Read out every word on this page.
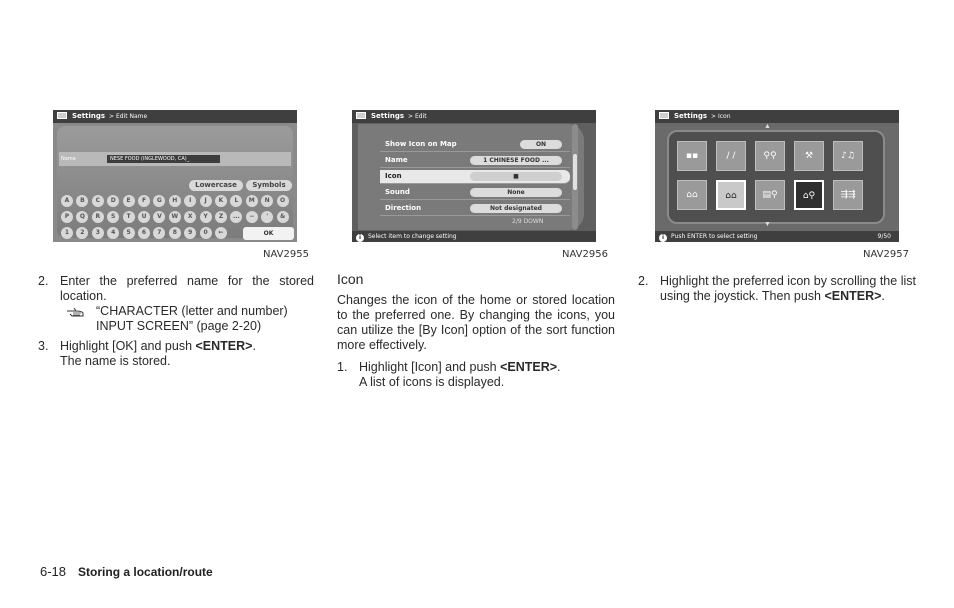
Settings > Edit Name
Name	NESE FOOD (INGLEWOOD, CA)_
Lowercase	Symbols
A	B	C	D	E	F	G	H	I	J	K	L	M	N	O
P	Q	R	S	T	U	V	W	X	Y	Z	...	−	'	&
1	2	3	4	5	6	7	8	9	0	←	OK
NAV2955
Settings > Edit
Show Icon on Map	ON
Name	1 CHINESE FOOD ...
Icon	■
Sound	None
Direction	Not designated
2/9 DOWN
i Select item to change setting
NAV2956
Settings > Icon
▲
▪▪	/ /	⚲⚲	⚒	♪♫
⌂⌂	⌂⌂	▤⚲	⌂⚲	⇶⇶
▼
i Push ENTER to select setting	9/50
NAV2957
2. Enter the preferred name for the stored location.
“CHARACTER (letter and number) INPUT SCREEN” (page 2-20)
3. Highlight [OK] and push <ENTER>.
The name is stored.
Icon
Changes the icon of the home or stored location to the preferred one. By changing the icons, you can utilize the [By Icon] option of the sort function more effectively.
1. Highlight [Icon] and push <ENTER>.
A list of icons is displayed.
2. Highlight the preferred icon by scrolling the list using the joystick. Then push <ENTER>.
6-18 Storing a location/route
